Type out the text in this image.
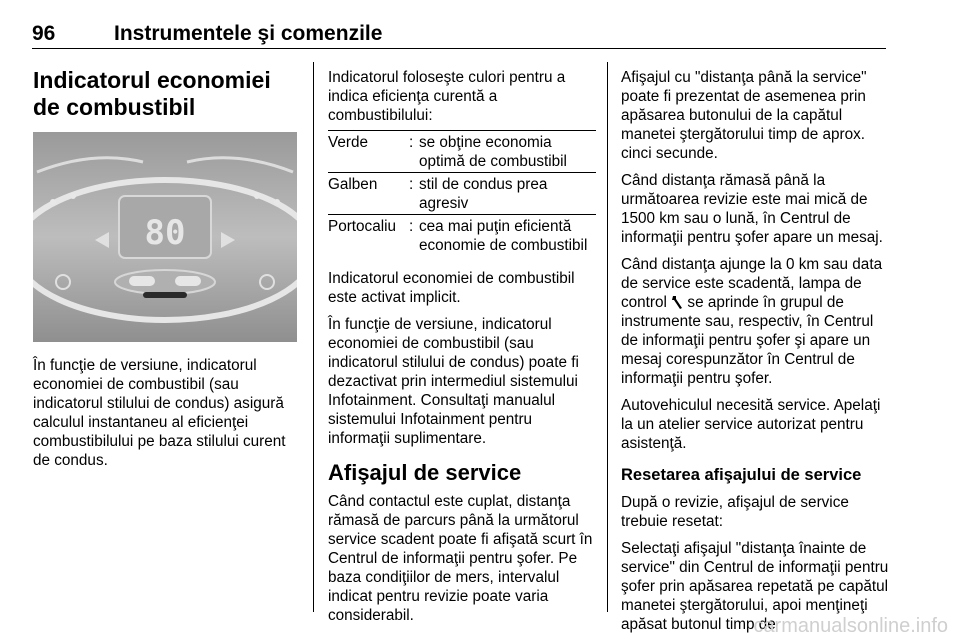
96	Instrumentele şi comenzile
Indicatorul economiei de combustibil
80

În funcţie de versiune, indicatorul economiei de combustibil (sau indicatorul stilului de condus) asigură calculul instantaneu al eficienţei combustibilului pe baza stilului curent de condus.

Indicatorul foloseşte culori pentru a indica eficienţa curentă a combustibilului:

Verde	: se obţine economia optimă de combustibil
Galben	: stil de condus prea agresiv
Portocaliu : cea mai puţin eficientă economie de combustibil

Indicatorul economiei de combustibil este activat implicit.

În funcţie de versiune, indicatorul economiei de combustibil (sau indicatorul stilului de condus) poate fi dezactivat prin intermediul sistemului Infotainment. Consultaţi manualul sistemului Infotainment pentru informaţii suplimentare.

Afişajul de service

Când contactul este cuplat, distanţa rămasă de parcurs până la următorul service scadent poate fi afişată scurt în Centrul de informaţii pentru şofer. Pe baza condiţiilor de mers, intervalul indicat pentru revizie poate varia considerabil.

Afişajul cu "distanţa până la service" poate fi prezentat de asemenea prin apăsarea butonului de la capătul manetei ştergătorului timp de aprox. cinci secunde.

Când distanţa rămasă până la următoarea revizie este mai mică de 1500 km sau o lună, în Centrul de informaţii pentru şofer apare un mesaj.

Când distanţa ajunge la 0 km sau data de service este scadentă, lampa de control se aprinde în grupul de instrumente sau, respectiv, în Centrul de informaţii pentru şofer şi apare un mesaj corespunzător în Centrul de informaţii pentru şofer.

Autovehiculul necesită service. Apelaţi la un atelier service autorizat pentru asistenţă.

Resetarea afişajului de service

După o revizie, afişajul de service trebuie resetat:

Selectaţi afişajul "distanţa înainte de service" din Centrul de informaţii pentru şofer prin apăsarea repetată pe capătul manetei ştergătorului, apoi menţineţi apăsat butonul timp de

carmanualsonline.info
